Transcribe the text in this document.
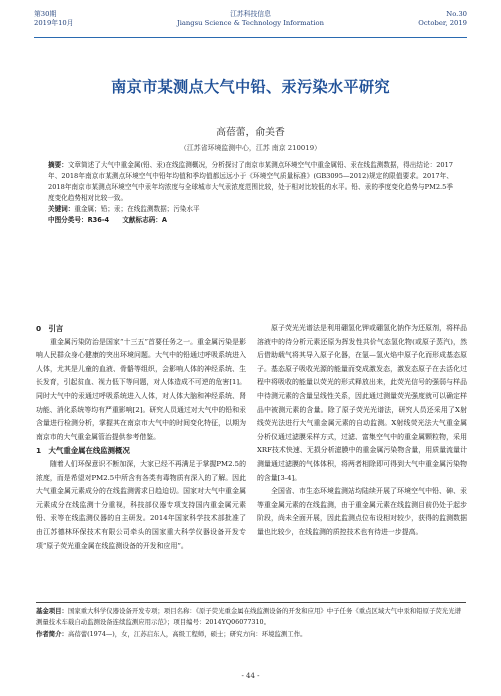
第30期
2019年10月
江苏科技信息
Jiangsu Science & Technology Information
No.30
October, 2019
南京市某测点大气中铅、汞污染水平研究
高蓓蕾，俞美香
（江苏省环境监测中心，江苏 南京 210019）

摘要：文章简述了大气中重金属(铅、汞)在线监测概况，分析探讨了南京市某测点环境空气中重金属铅、汞在线监测数据，得出结论：2017年、2018年南京市某测点环境空气中铅年均值和季均值都远远小于《环境空气质量标准》(GB3095—2012)规定的限值要求。2017年、2018年南京市某测点环境空气中汞年均浓度与全球城市大气汞浓度范围比较，处于相对比较低的水平。铅、汞的季度变化趋势与PM2.5季度变化趋势相对比较一致。

关键词：重金属；铅；汞；在线监测数据；污染水平

中图分类号：R36-4　　 文献标志码：A

0　引言

重金属污染防治是国家“十三五”首要任务之一。重金属污染是影响人民群众身心健康的突出环境问题。大气中的铅通过呼吸系统进入人体，尤其是儿童的血液、骨骼等组织，会影响人体的神经系统、生长发育，引起贫血、视力低下等问题，对人体造成不可逆的危害[1]。同时大气中的汞通过呼吸系统进入人体，对人体大脑和神经系统、肾功能、消化系统等均有严重影响[2]。研究人员通过对大气中的铅和汞含量进行检测分析，掌握其在南京市大气中的时间变化特征，以期为南京市的大气重金属管治提供参考借鉴。

1　大气重金属在线监测概况

随着人们环保意识不断加深，大家已经不再满足于掌握PM2.5的浓度，而是希望对PM2.5中所含有各类有毒物质有深入的了解。因此大气重金属元素成分的在线监测需求日趋迫切。国家对大气中重金属元素成分在线监测十分重视，科技部仪器专项支持国内重金属元素铅、汞等在线监测仪器的自主研发。2014年国家科学技术部批准了由江苏德林环保技术有限公司牵头的国家重大科学仪器设备开发专项“原子荧光重金属在线监测设备的开发和应用”。

原子荧光光谱法是利用硼氢化钾或硼氢化钠作为还原剂，将样品溶液中的待分析元素还原为挥发性共价气态氢化物(或原子蒸汽)，然后借助载气将其导入原子化器，在氩—氢火焰中原子化而形成基态原子。基态原子吸收光源的能量而变成激发态，激发态原子在去活化过程中将吸收的能量以荧光的形式释放出来，此荧光信号的强弱与样品中待测元素的含量呈线性关系，因此通过测量荧光强度就可以确定样品中被测元素的含量。除了原子荧光光谱法，研究人员还采用了X射线荧光法进行大气重金属元素的自动监测。X射线荧光法大气重金属分析仪通过滤膜采样方式，过滤、富集空气中的重金属颗粒物，采用XRF技术快速、无损分析滤膜中的重金属污染物含量，用质量流量计测量通过滤膜的气体体积，将两者相除即可得到大气中重金属污染物的含量[3-4]。

全国省、市生态环境监测站均陆续开展了环境空气中铅、砷、汞等重金属元素的在线监测，由于重金属元素在线监测目前仍处于起步阶段，尚未全面开展，因此监测点位布设相对较少，获得的监测数据量也比较少，在线监测的质控技术也有待进一步提高。

基金项目：国家重大科学仪器设备开发专项；项目名称：《原子荧光重金属在线监测设备的开发和应用》中子任务《重点区域大气中汞和铅原子荧光光谱测量技术车载自动监测设备连续监测应用示范》；项目编号：2014YQ06077310。

作者简介：高蓓蕾(1974—)，女，江苏启东人，高级工程师，硕士；研究方向：环境监测工作。

- 44 -
